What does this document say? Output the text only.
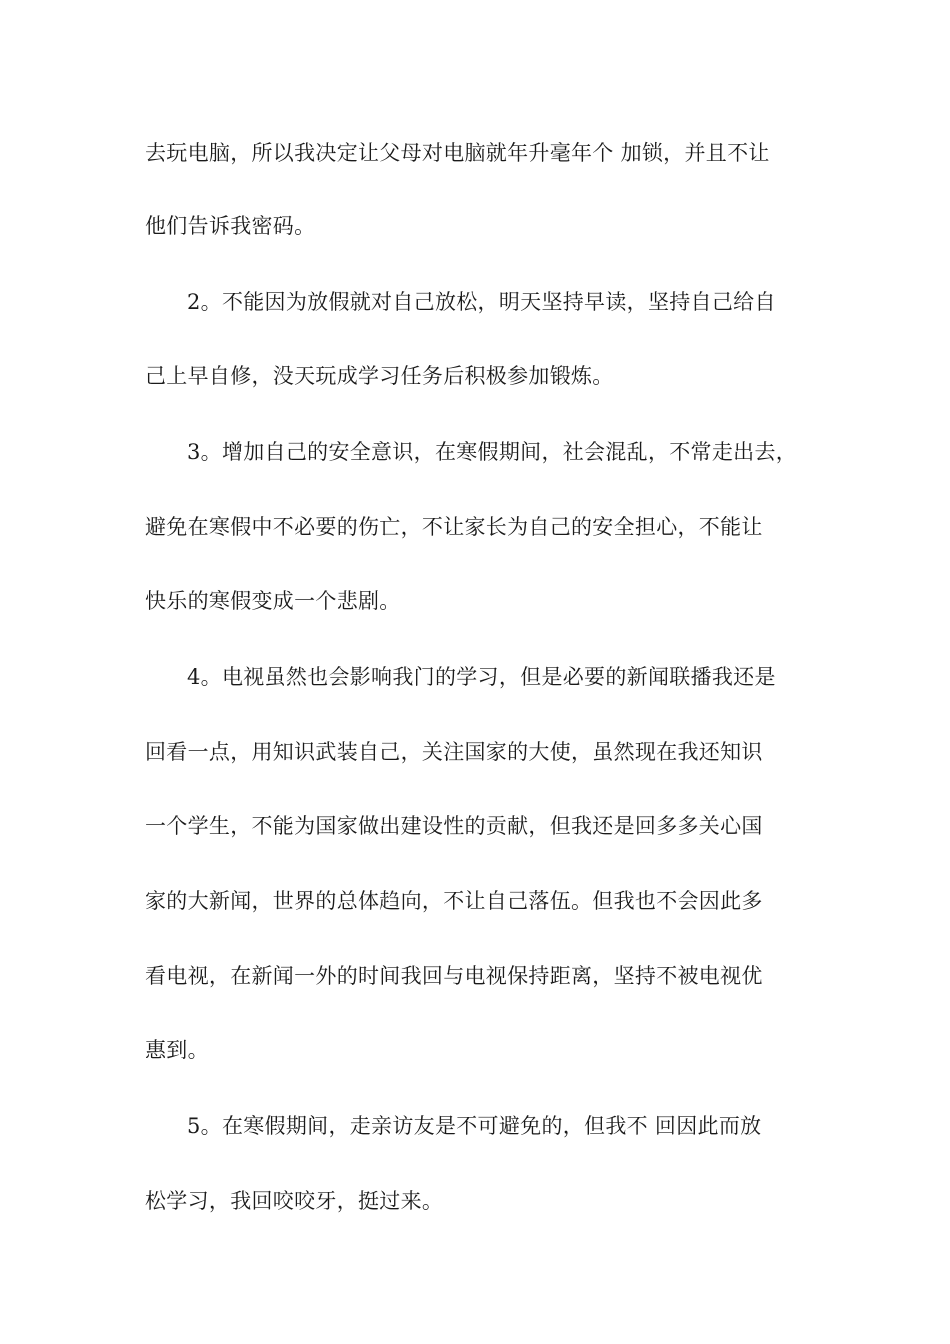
去玩电脑，所以我决定让父母对电脑就年升毫年个 加锁，并且不让
他们告诉我密码。
2。不能因为放假就对自己放松，明天坚持早读，坚持自己给自
己上早自修，没天玩成学习任务后积极参加锻炼。
3。增加自己的安全意识，在寒假期间，社会混乱，不常走出去，
避免在寒假中不必要的伤亡，不让家长为自己的安全担心，不能让
快乐的寒假变成一个悲剧。
4。电视虽然也会影响我门的学习，但是必要的新闻联播我还是
回看一点，用知识武装自己，关注国家的大使，虽然现在我还知识
一个学生，不能为国家做出建设性的贡献，但我还是回多多关心国
家的大新闻，世界的总体趋向，不让自己落伍。但我也不会因此多
看电视，在新闻一外的时间我回与电视保持距离，坚持不被电视优
惠到。
5。在寒假期间，走亲访友是不可避免的，但我不 回因此而放
松学习，我回咬咬牙，挺过来。
